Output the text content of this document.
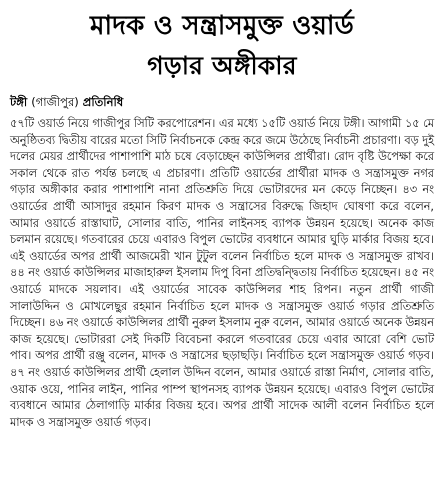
মাদক ও সন্ত্রাসমুক্ত ওয়ার্ড
গড়ার অঙ্গীকার
টঙ্গী (গাজীপুর) প্রতিনিধি

৫৭টি ওয়ার্ড নিয়ে গাজীপুর সিটি করপোরেশন। এর মধ্যে ১৫টি ওয়ার্ড নিয়ে টঙ্গী। আগামী ১৫ মে অনুষ্ঠিতব্য দ্বিতীয় বারের মতো সিটি নির্বাচনকে কেন্দ্র করে জমে উঠেছে নির্বাচনী প্রচারণা। বড় দুই দলের মেয়র প্রার্থীদের পাশাপাশি মাঠ চষে বেড়াচ্ছেন কাউন্সিলর প্রার্থীরা। রোদ বৃষ্টি উপেক্ষা করে সকাল থেকে রাত পর্যন্ত চলছে এ প্রচারণা। প্রতিটি ওয়ার্ডের প্রার্থীরা মাদক ও সন্ত্রাসমুক্ত নগর গড়ার অঙ্গীকার করার পাশাপাশি নানা প্রতিশ্রুতি দিয়ে ভোটারদের মন কেড়ে নিচ্ছেন। ৪৩ নং ওয়ার্ডের প্রার্থী আসাদুর রহমান কিরণ মাদক ও সন্ত্রাসের বিরুদ্ধে জিহাদ ঘোষণা করে বলেন, আমার ওয়ার্ডে রাস্তাঘাট, সোলার বাতি, পানির লাইনসহ ব্যাপক উন্নয়ন হয়েছে। অনেক কাজ চলমান রয়েছে। গতবারের চেয়ে এবারও বিপুল ভোটের ব্যবধানে আমার ঘুড়ি মার্কার বিজয় হবে। এই ওয়ার্ডের অপর প্রার্থী আজমেরী খান টুটুল বলেন নির্বাচিত হলে মাদক ও সন্ত্রাসমুক্ত রাখব। ৪৪ নং ওয়ার্ড কাউন্সিলর মাজাহারুল ইসলাম দিপু বিনা প্রতিদ্বন্দ্বিতায় নির্বাচিত হয়েছেন। ৪৫ নং ওয়ার্ডে মাদকে সয়লাব। এই ওয়ার্ডের সাবেক কাউন্সিলর শাহ রিপন। নতুন প্রার্থী গাজী সালাউদ্দিন ও মোখলেছুর রহমান নির্বাচিত হলে মাদক ও সন্ত্রাসমুক্ত ওয়ার্ড গড়ার প্রতিশ্রুতি দিচ্ছেন। ৪৬ নং ওয়ার্ডে কাউন্সিলর প্রার্থী নুরুল ইসলাম নুরু বলেন, আমার ওয়ার্ডে অনেক উন্নয়ন কাজ হয়েছে। ভোটাররা সেই দিকটি বিবেচনা করলে গতবারের চেয়ে এবার আরো বেশি ভোট পাব। অপর প্রার্থী রঞ্জু বলেন, মাদক ও সন্ত্রাসের ছড়াছড়ি। নির্বাচিত হলে সন্ত্রাসমুক্ত ওয়ার্ড গড়ব। ৪৭ নং ওয়ার্ড কাউন্সিলর প্রার্থী হেলাল উদ্দিন বলেন, আমার ওয়ার্ডে রাস্তা নির্মাণ, সোলার বাতি, ওয়াক ওয়ে, পানির লাইন, পানির পাম্প স্থাপনসহ ব্যাপক উন্নয়ন হয়েছে। এবারও বিপুল ভোটের ব্যবধানে আমার ঠেলাগাড়ি মার্কার বিজয় হবে। অপর প্রার্থী সাদেক আলী বলেন নির্বাচিত হলে মাদক ও সন্ত্রাসমুক্ত ওয়ার্ড গড়ব।
